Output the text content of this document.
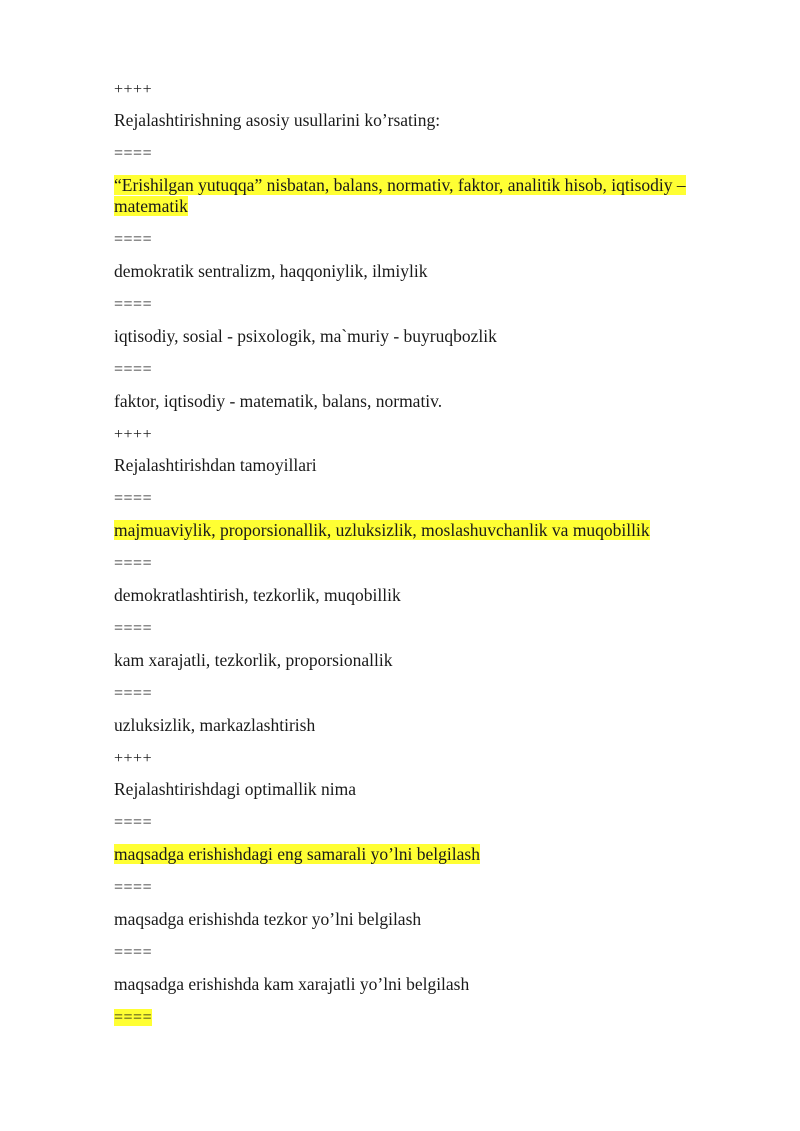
++++
Rejalashtirishning asosiy usullarini ko’rsating:
====
“Erishilgan yutuqqa” nisbatan, balans, normativ, faktor, analitik hisob, iqtisodiy – matematik
====
demokratik sentralizm, haqqoniylik, ilmiylik
====
iqtisodiy, sosial - psixologik, ma`muriy - buyruqbozlik
====
faktor, iqtisodiy - matematik, balans, normativ.
++++
Rejalashtirishdan tamoyillari
====
majmuaviylik, proporsionallik, uzluksizlik, moslashuvchanlik va muqobillik
====
demokratlashtirish, tezkorlik, muqobillik
====
kam xarajatli, tezkorlik, proporsionallik
====
uzluksizlik, markazlashtirish
++++
Rejalashtirishdagi optimallik nima
====
maqsadga erishishdagi eng samarali yo’lni belgilash
====
maqsadga erishishda tezkor yo’lni belgilash
====
maqsadga erishishda kam xarajatli yo’lni belgilash
====
